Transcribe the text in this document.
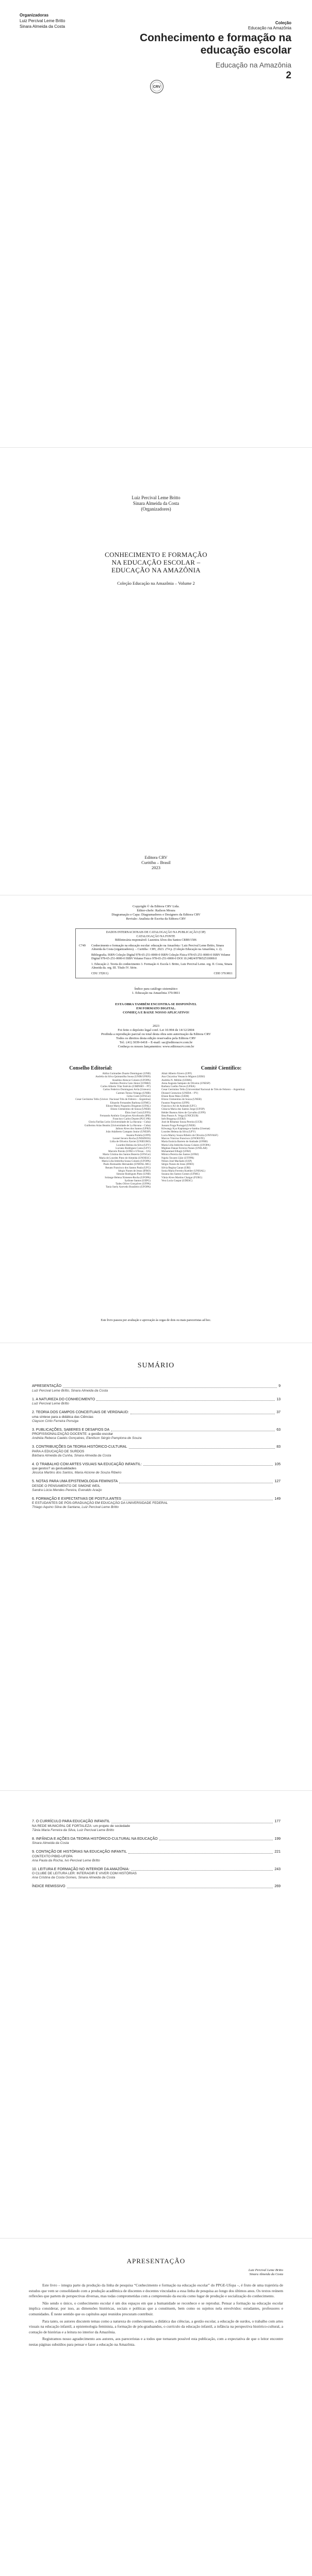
Organizadoras
Luiz Percival Leme Britto
Sinara Almeida da Costa
Coleção
Educação na Amazônia
Conhecimento e formação na educação escolar
Educação na Amazônia
2
CRV
Luiz Percival Leme Britto
Sinara Almeida da Costa
(Organizadores)
CONHECIMENTO E FORMAÇÃO
NA EDUCAÇÃO ESCOLAR –
EDUCAÇÃO NA AMAZÔNIA
Coleção Educação na Amazônia – Volume 2
Editora CRV
Curitiba – Brasil
2023
Copyright © da Editora CRV Ltda.
Editor-chefe: Railson Moura
Diagramação e Capa: Diagramadores e Designers da Editora CRV
Revisão: Analista de Escrita da Editora CRV
DADOS INTERNACIONAIS DE CATALOGAÇÃO NA PUBLICAÇÃO (CIP)
CATALOGAÇÃO NA FONTE
Bibliotecária responsável: Luzenira Alves dos Santos CRB9/1506
C749	Conhecimento e formação na educação escolar: educação na Amazônia / Luiz Percival Leme Britto, Sinara Almeida da Costa (organizadores). – Curitiba : CRV, 2023. 274 p. (Coleção Educação na Amazônia, v. 2).

Bibliografia. ISBN Coleção Digital 978-65-251-0000-0 ISBN Coleção Física 978-65-251-0000-0 ISBN Volume Digital 978-65-251-0000-0 ISBN Volume Físico 978-65-251-0000-0 DOI 10.24824/978652510000.0

1. Educação 2. Teoria do conhecimento 3. Formação 4. Escola I. Britto, Luiz Percival Leme. org. II. Costa, Sinara Almeida da. org. III. Título IV. Série.

CDU 37(811)	CDD 370.9811
Índice para catálogo sistemático
1. Educação na Amazônia 370.9811
ESTA OBRA TAMBÉM ENCONTRA-SE DISPONÍVEL
EM FORMATO DIGITAL.
CONHEÇA E BAIXE NOSSO APLICATIVO!
2023
Foi feito o depósito legal conf. Lei 10.994 de 14/12/2004
Proibida a reprodução parcial ou total desta obra sem autorização da Editora CRV
Todos os direitos desta edição reservados pela Editora CRV
Tel.: (41) 3039-6418 – E-mail: sac@editoracrv.com.br
Conheça os nossos lançamentos: www.editoracrv.com.br
Conselho Editorial:
Aldira Guimarães Duarte Domínguez (UNB)
Andréia da Silva Quintanilha Sousa (UNIR/UFRN)
Anselmo Alencar Colares (UFOPA)
Antônio Pereira Gaio Júnior (UFRRJ)
Carlos Alberto Vilar Estêvão (UMINHO – PT)
Carlos Federico Dominguez Avila (Unieuro)
Carmen Tereza Velanga (UNIR)
Celso Conti (UFSCar)
Cesar Gerônimo Tello (Univer .Nacional Três de Febrero – Argentina)
Eduardo Fernandes Barbosa (UFMG)
Elione Maria Nogueira Diogenes (UFAL)
Elizeu Clementino de Souza (UNEB)
Élsio José Corá (UFFS)
Fernando Antônio Gonçalves Alcoforado (IPB)
Francisco Carlos Duarte (PUC-PR)
Gloria Fariñas León (Universidade de La Havana – Cuba)
Guillermo Arias Beatón (Universidade de La Havana – Cuba)
Jailson Alves dos Santos (UFRJ)
João Adalberto Campato Junior (UNESP)
Josania Portela (UFPI)
Leonel Severo Rocha (UNISINOS)
Lídia de Oliveira Xavier (UNIEURO)
Lourdes Helena da Silva (UFV)
Luciano Rodrigues Costa (UFV)
Marcelo Paixão (UFRJ e UTexas – US)
Maria Cristina dos Santos Bezerra (UFSCar)
Maria de Lourdes Pinto de Almeida (UNOESC)
Maria Lília Imbiriba Sousa Colares (UFOPA)
Paulo Romualdo Hernandes (UNIFAL-MG)
Renato Francisco dos Santos Paula (UFG)
Sérgio Nunes de Jesus (IFRO)
Simone Rodrigues Pinto (UNB)
Solange Helena Ximenes-Rocha (UFOPA)
Sydione Santos (UEPG)
Tadeu Oliver Gonçalves (UFPA)
Tania Suely Azevedo Brasileiro (UFOPA)
Comitê Científico:
Altair Alberto Fávero (UPF)
Ana Chrystina Venancio Mignot (UERJ)
Andréia N. Militão (UEMS)
Anna Augusta Sampaio de Oliveira (UNESP)
Barbara Coelho Neves (UFBA)
Cesar Gerónimo Tello (Universidad Nacional de Três de Febrero – Argentina)
Diosnel Centurion (UNIDA – PY)
Eliane Rose Maio (UEM)
Elizeu Clementino de Souza (UNEB)
Fauston Negreiros (UFPI)
Francisco Ari de Andrade (UFC)
Gláucia Maria dos Santos Jorge (UFOP)
Helder Buenos Aires de Carvalho (UFPI)
Ilma Passos A. Veiga (UNICEUB)
Inês Bragança (UERJ)
José de Ribamar Sousa Pereira (UCB)
Jussara Fraga Portugal (UNEB)
Kilwangy Kya Kapitango-a-Samba (Unemat)
Lourdes Helena da Silva (UFV)
Lucia Marisy Souza Ribeiro de Oliveira (UNIVASF)
Marcos Vinicius Francisco (UNOESTE)
Maria Eurácia Barreto de Andrade (UFRB)
Maria Lília Imbiriba Sousa Colares (UFOPA)
Míghian Danae Ferreira Nunes (UNILAB)
Mohammed Elhajji (UFRJ)
Mônica Pereira dos Santos (UFRJ)
Najela Tavares Ujiie (UTFPR)
Nilson José Machado (USP)
Sérgio Nunes de Jesus (IFRO)
Silvia Regina Canan (URI)
Sonia Maria Ferreira Koehler (UNISAL)
Suzana dos Santos Gomes (UFMG)
Vânia Alves Martins Chaigar (FURG)
Vera Lucia Gaspar (UDESC)
Este livro passou por avaliação e aprovação às cegas de dois ou mais pareceristas ad hoc.
SUMÁRIO
APRESENTAÇÃO	9
Luiz Percival Leme Britto, Sinara Almeida da Costa
1. A NATUREZA DO CONHECIMENTO	13
Luiz Percival Leme Britto
2. TEORIA DOS CAMPOS CONCEITUAIS DE VERGNAUD:	37
uma síntese para a didática das Ciências
Clayson Cirilo Ferreira Ponsiga
3. PUBLICAÇÕES, SABERES E DESAFIOS DA	63
PROFISSIONALIZAÇÃO DOCENTE: a gestão escolar
Andréia Rebeca Caetés Gonçalves, Elenilson Sérgio Pamplona de Souza
3. CONTRIBUIÇÕES DA TEORIA HISTÓRICO-CULTURAL	83
PARA A EDUCAÇÃO DE SURDOS
Bárbara Almeida da Cunha, Sinara Almeida da Costa
4. O TRABALHO COM ARTES VISUAIS NA EDUCAÇÃO INFANTIL:	105
que gestos? as gestualidades
Jéssica Martins dos Santos, Maria Alcione de Souza Ribeiro
5. NOTAS PARA UMA EPISTEMOLOGIA FEMINISTA	127
DESDE O PENSAMENTO DE SIMONE WEIL
Sandra Lúcia Mendes Pereira, Everaldo Araújo
6. FORMAÇÃO E EXPECTATIVAS DE POSTULANTES	149
E ESTUDANTES DE PÓS-GRADUAÇÃO EM EDUCAÇÃO DA UNIVERSIDADE FEDERAL
Thiago Aquino Silva de Santana, Luiz Percival Leme Britto
7. O CURRÍCULO PARA EDUCAÇÃO INFANTIL	177
NA REDE MUNICIPAL DE FORTALEZA: um projeto de sociedade
Tânia Maria Ferreira da Silva, Luiz Percival Leme Britto
8. INFÂNCIA E AÇÕES DA TEORIA HISTÓRICO-CULTURAL NA EDUCAÇÃO	199
Sinara Almeida da Costa
9. CONTAÇÃO DE HISTÓRIAS NA EDUCAÇÃO INFANTIL	221
CONTEXTO PIBID-UFOPA
Ana Paula da Rocha, Ivo Percival Leme Britto
10. LEITURA E FORMAÇÃO NO INTERIOR DA AMAZÔNIA:	243
O CLUBE DE LEITURA LER: INTERAGIR E VIVER COM HISTÓRIAS
Ana Cristina da Costa Gomes, Sinara Almeida da Costa
ÍNDICE REMISSIVO	269
APRESENTAÇÃO
Luiz Percival Leme Britto
Sinara Almeida da Costa

Este livro – integra parte da produção da linha de pesquisa “Conhecimento e formação na educação escolar” do PPGE-Ufopa –, é fruto de uma trajetória de estudos que vem se consolidando com a produção acadêmica de discentes e docentes vinculados a essa linha de pesquisa ao longo dos últimos anos. Os textos reúnem reflexões que partem de perspectivas diversas, mas todas comprometidas com a compreensão da escola como lugar de produção e socialização do conhecimento.

Não sendo o único, o conhecimento escolar é um dos espaços em que a humanidade se reconhece e se reproduz. Pensar a formação na educação escolar implica considerar, por isso, as dimensões históricas, sociais e políticas que a constituem, bem como os sujeitos nela envolvidos: estudantes, professores e comunidades. É neste sentido que os capítulos aqui reunidos procuram contribuir.

Para tanto, os autores discutem temas como a natureza do conhecimento, a didática das ciências, a gestão escolar, a educação de surdos, o trabalho com artes visuais na educação infantil, a epistemologia feminista, a formação de pós-graduandos, o currículo da educação infantil, a infância na perspectiva histórico-cultural, a contação de histórias e a leitura no interior da Amazônia.

Registramos nosso agradecimento aos autores, aos pareceristas e a todos que tornaram possível esta publicação, com a expectativa de que o leitor encontre nestas páginas subsídios para pensar e fazer a educação na Amazônia.
